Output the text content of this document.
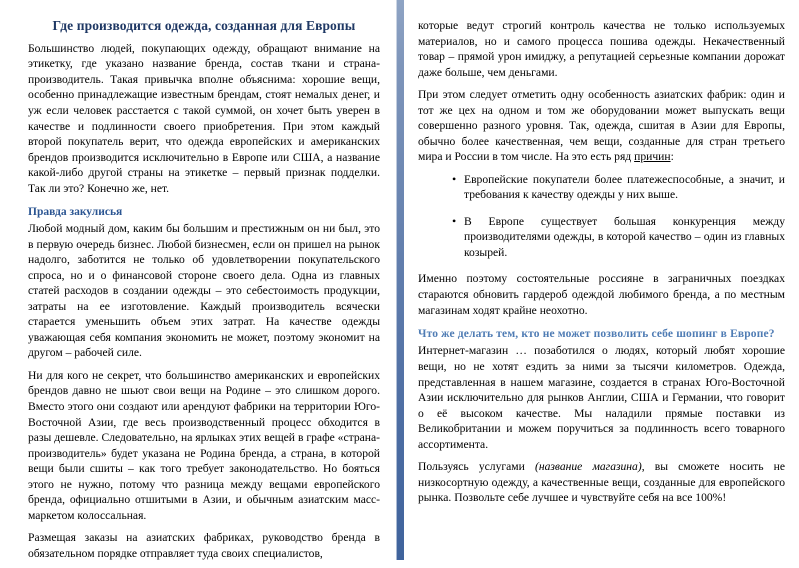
Где производится одежда, созданная для Европы

Большинство людей, покупающих одежду, обращают внимание на этикетку, где указано название бренда, состав ткани и страна-производитель. Такая привычка вполне объяснима: хорошие вещи, особенно принадлежащие известным брендам, стоят немалых денег, и уж если человек расстается с такой суммой, он хочет быть уверен в качестве и подлинности своего приобретения. При этом каждый второй покупатель верит, что одежда европейских и американских брендов производится исключительно в Европе или США, а название какой-либо другой страны на этикетке – первый признак подделки. Так ли это? Конечно же, нет.

Правда закулисья

Любой модный дом, каким бы большим и престижным он ни был, это в первую очередь бизнес. Любой бизнесмен, если он пришел на рынок надолго, заботится не только об удовлетворении покупательского спроса, но и о финансовой стороне своего дела. Одна из главных статей расходов в создании одежды – это себестоимость продукции, затраты на ее изготовление. Каждый производитель всячески старается уменьшить объем этих затрат. На качестве одежды уважающая себя компания экономить не может, поэтому экономит на другом – рабочей силе.

Ни для кого не секрет, что большинство американских и европейских брендов давно не шьют свои вещи на Родине – это слишком дорого. Вместо этого они создают или арендуют фабрики на территории Юго-Восточной Азии, где весь производственный процесс обходится в разы дешевле. Следовательно, на ярлыках этих вещей в графе «страна-производитель» будет указана не Родина бренда, а страна, в которой вещи были сшиты – как того требует законодательство. Но бояться этого не нужно, потому что разница между вещами европейского бренда, официально отшитыми в Азии, и обычным азиатским масс-маркетом колоссальная.

Размещая заказы на азиатских фабриках, руководство бренда в обязательном порядке отправляет туда своих специалистов,

которые ведут строгий контроль качества не только используемых материалов, но и самого процесса пошива одежды. Некачественный товар – прямой урон имиджу, а репутацией серьезные компании дорожат даже больше, чем деньгами.

При этом следует отметить одну особенность азиатских фабрик: один и тот же цех на одном и том же оборудовании может выпускать вещи совершенно разного уровня. Так, одежда, сшитая в Азии для Европы, обычно более качественная, чем вещи, созданные для стран третьего мира и России в том числе. На это есть ряд причин:

• Европейские покупатели более платежеспособные, а значит, и требования к качеству одежды у них выше.
• В Европе существует большая конкуренция между производителями одежды, в которой качество – один из главных козырей.

Именно поэтому состоятельные россияне в заграничных поездках стараются обновить гардероб одеждой любимого бренда, а по местным магазинам ходят крайне неохотно.

Что же делать тем, кто не может позволить себе шопинг в Европе?

Интернет-магазин … позаботился о людях, который любят хорошие вещи, но не хотят ездить за ними за тысячи километров. Одежда, представленная в нашем магазине, создается в странах Юго-Восточной Азии исключительно для рынков Англии, США и Германии, что говорит о её высоком качестве. Мы наладили прямые поставки из Великобритании и можем поручиться за подлинность всего товарного ассортимента.

Пользуясь услугами (название магазина), вы сможете носить не низкосортную одежду, а качественные вещи, созданные для европейского рынка. Позвольте себе лучшее и чувствуйте себя на все 100%!
